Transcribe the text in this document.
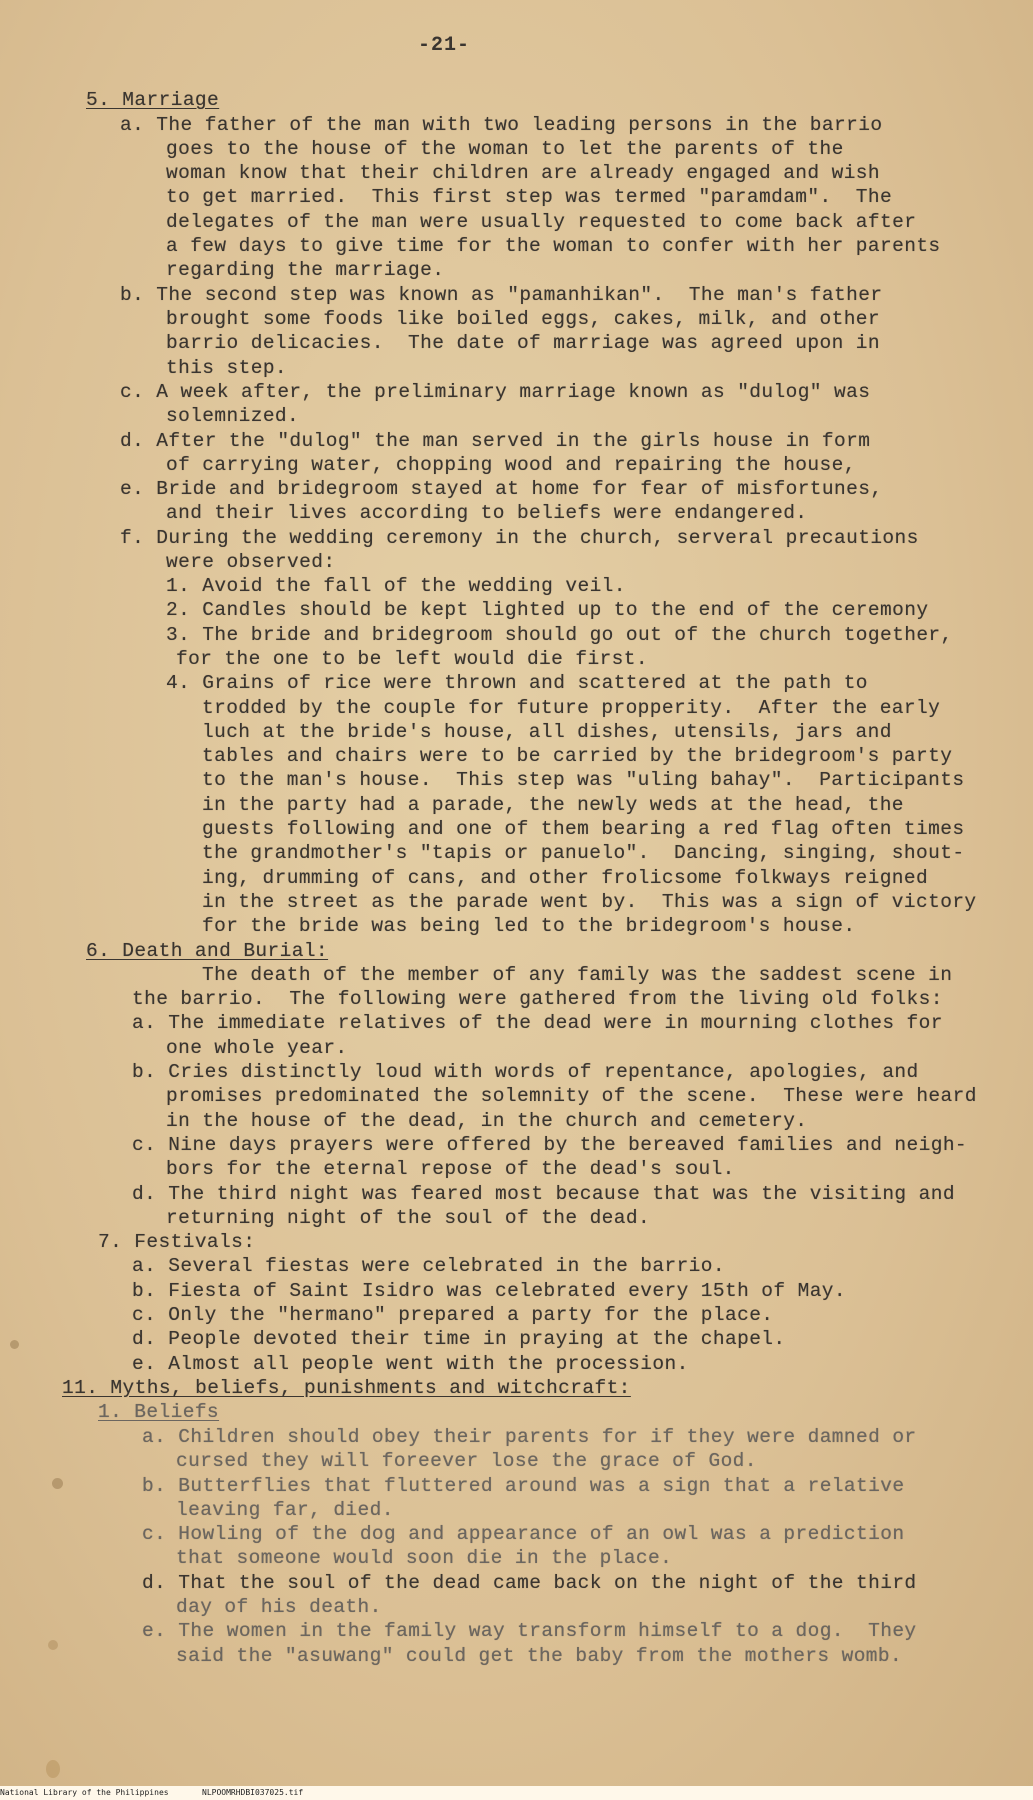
-21-
5. Marriage
a. The father of the man with two leading persons in the barrio
goes to the house of the woman to let the parents of the
woman know that their children are already engaged and wish
to get married.  This first step was termed "paramdam".  The
delegates of the man were usually requested to come back after
a few days to give time for the woman to confer with her parents
regarding the marriage.
b. The second step was known as "pamanhikan".  The man's father
brought some foods like boiled eggs, cakes, milk, and other
barrio delicacies.  The date of marriage was agreed upon in
this step.
c. A week after, the preliminary marriage known as "dulog" was
solemnized.
d. After the "dulog" the man served in the girls house in form
of carrying water, chopping wood and repairing the house,
e. Bride and bridegroom stayed at home for fear of misfortunes,
and their lives according to beliefs were endangered.
f. During the wedding ceremony in the church, serveral precautions
were observed:
1. Avoid the fall of the wedding veil.
2. Candles should be kept lighted up to the end of the ceremony
3. The bride and bridegroom should go out of the church together,
for the one to be left would die first.
4. Grains of rice were thrown and scattered at the path to
trodded by the couple for future propperity.  After the early
luch at the bride's house, all dishes, utensils, jars and
tables and chairs were to be carried by the bridegroom's party
to the man's house.  This step was "uling bahay".  Participants
in the party had a parade, the newly weds at the head, the
guests following and one of them bearing a red flag often times
the grandmother's "tapis or panuelo".  Dancing, singing, shout-
ing, drumming of cans, and other frolicsome folkways reigned
in the street as the parade went by.  This was a sign of victory
for the bride was being led to the bridegroom's house.
6. Death and Burial:
The death of the member of any family was the saddest scene in
the barrio.  The following were gathered from the living old folks:
a. The immediate relatives of the dead were in mourning clothes for
one whole year.
b. Cries distinctly loud with words of repentance, apologies, and
promises predominated the solemnity of the scene.  These were heard
in the house of the dead, in the church and cemetery.
c. Nine days prayers were offered by the bereaved families and neigh-
bors for the eternal repose of the dead's soul.
d. The third night was feared most because that was the visiting and
returning night of the soul of the dead.
7. Festivals:
a. Several fiestas were celebrated in the barrio.
b. Fiesta of Saint Isidro was celebrated every 15th of May.
c. Only the "hermano" prepared a party for the place.
d. People devoted their time in praying at the chapel.
e. Almost all people went with the procession.
11. Myths, beliefs, punishments and witchcraft:
1. Beliefs
a. Children should obey their parents for if they were damned or
cursed they will foreever lose the grace of God.
b. Butterflies that fluttered around was a sign that a relative
leaving far, died.
c. Howling of the dog and appearance of an owl was a prediction
that someone would soon die in the place.
d. That the soul of the dead came back on the night of the third
day of his death.
e. The women in the family way transform himself to a dog.  They
said the "asuwang" could get the baby from the mothers womb.
National Library of the Philippines	NLPOOMRHDBI037025.tif
